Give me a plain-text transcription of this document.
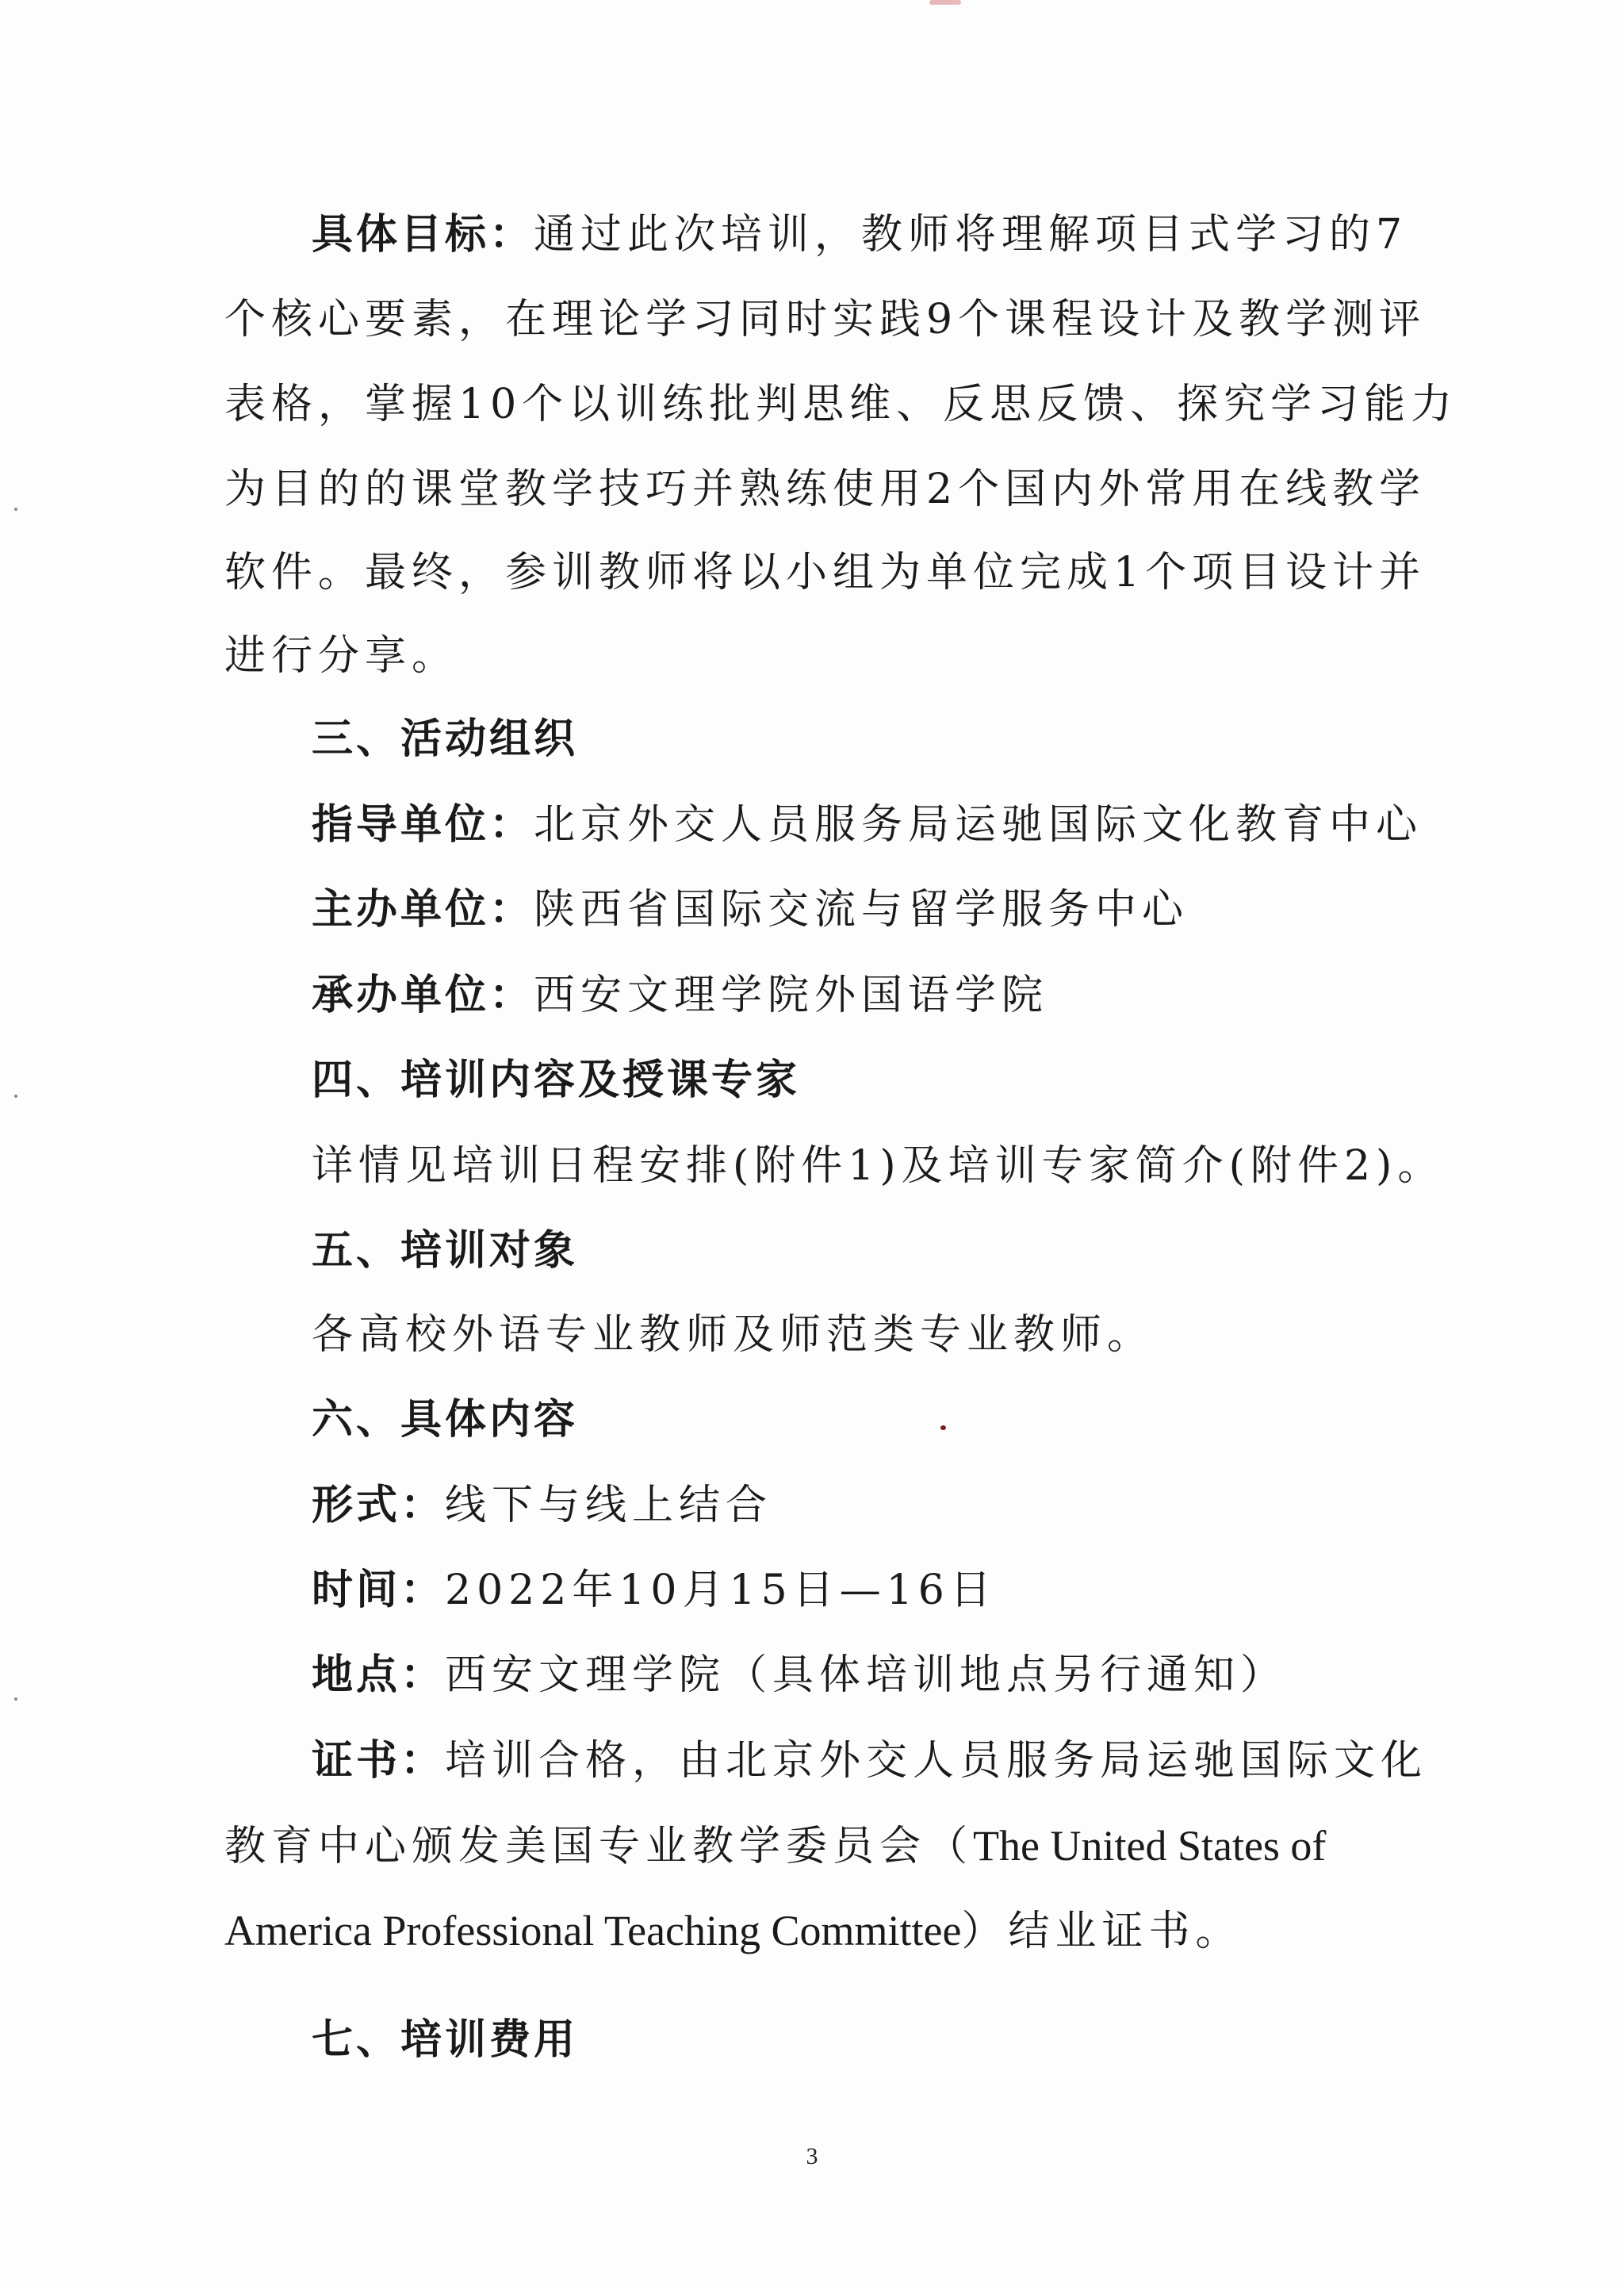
具体目标：通过此次培训，教师将理解项目式学习的7
个核心要素，在理论学习同时实践9个课程设计及教学测评
表格，掌握10个以训练批判思维、反思反馈、探究学习能力
为目的的课堂教学技巧并熟练使用2个国内外常用在线教学
软件。最终，参训教师将以小组为单位完成1个项目设计并
进行分享。
三、活动组织
指导单位：北京外交人员服务局运驰国际文化教育中心
主办单位：陕西省国际交流与留学服务中心
承办单位：西安文理学院外国语学院
四、培训内容及授课专家
详情见培训日程安排(附件1)及培训专家简介(附件2)。
五、培训对象
各高校外语专业教师及师范类专业教师。
六、具体内容
形式：线下与线上结合
时间：2022年10月15日—16日
地点：西安文理学院（具体培训地点另行通知）
证书：培训合格，由北京外交人员服务局运驰国际文化
教育中心颁发美国专业教学委员会（The United States of
America Professional Teaching Committee）结业证书。
七、培训费用
3
